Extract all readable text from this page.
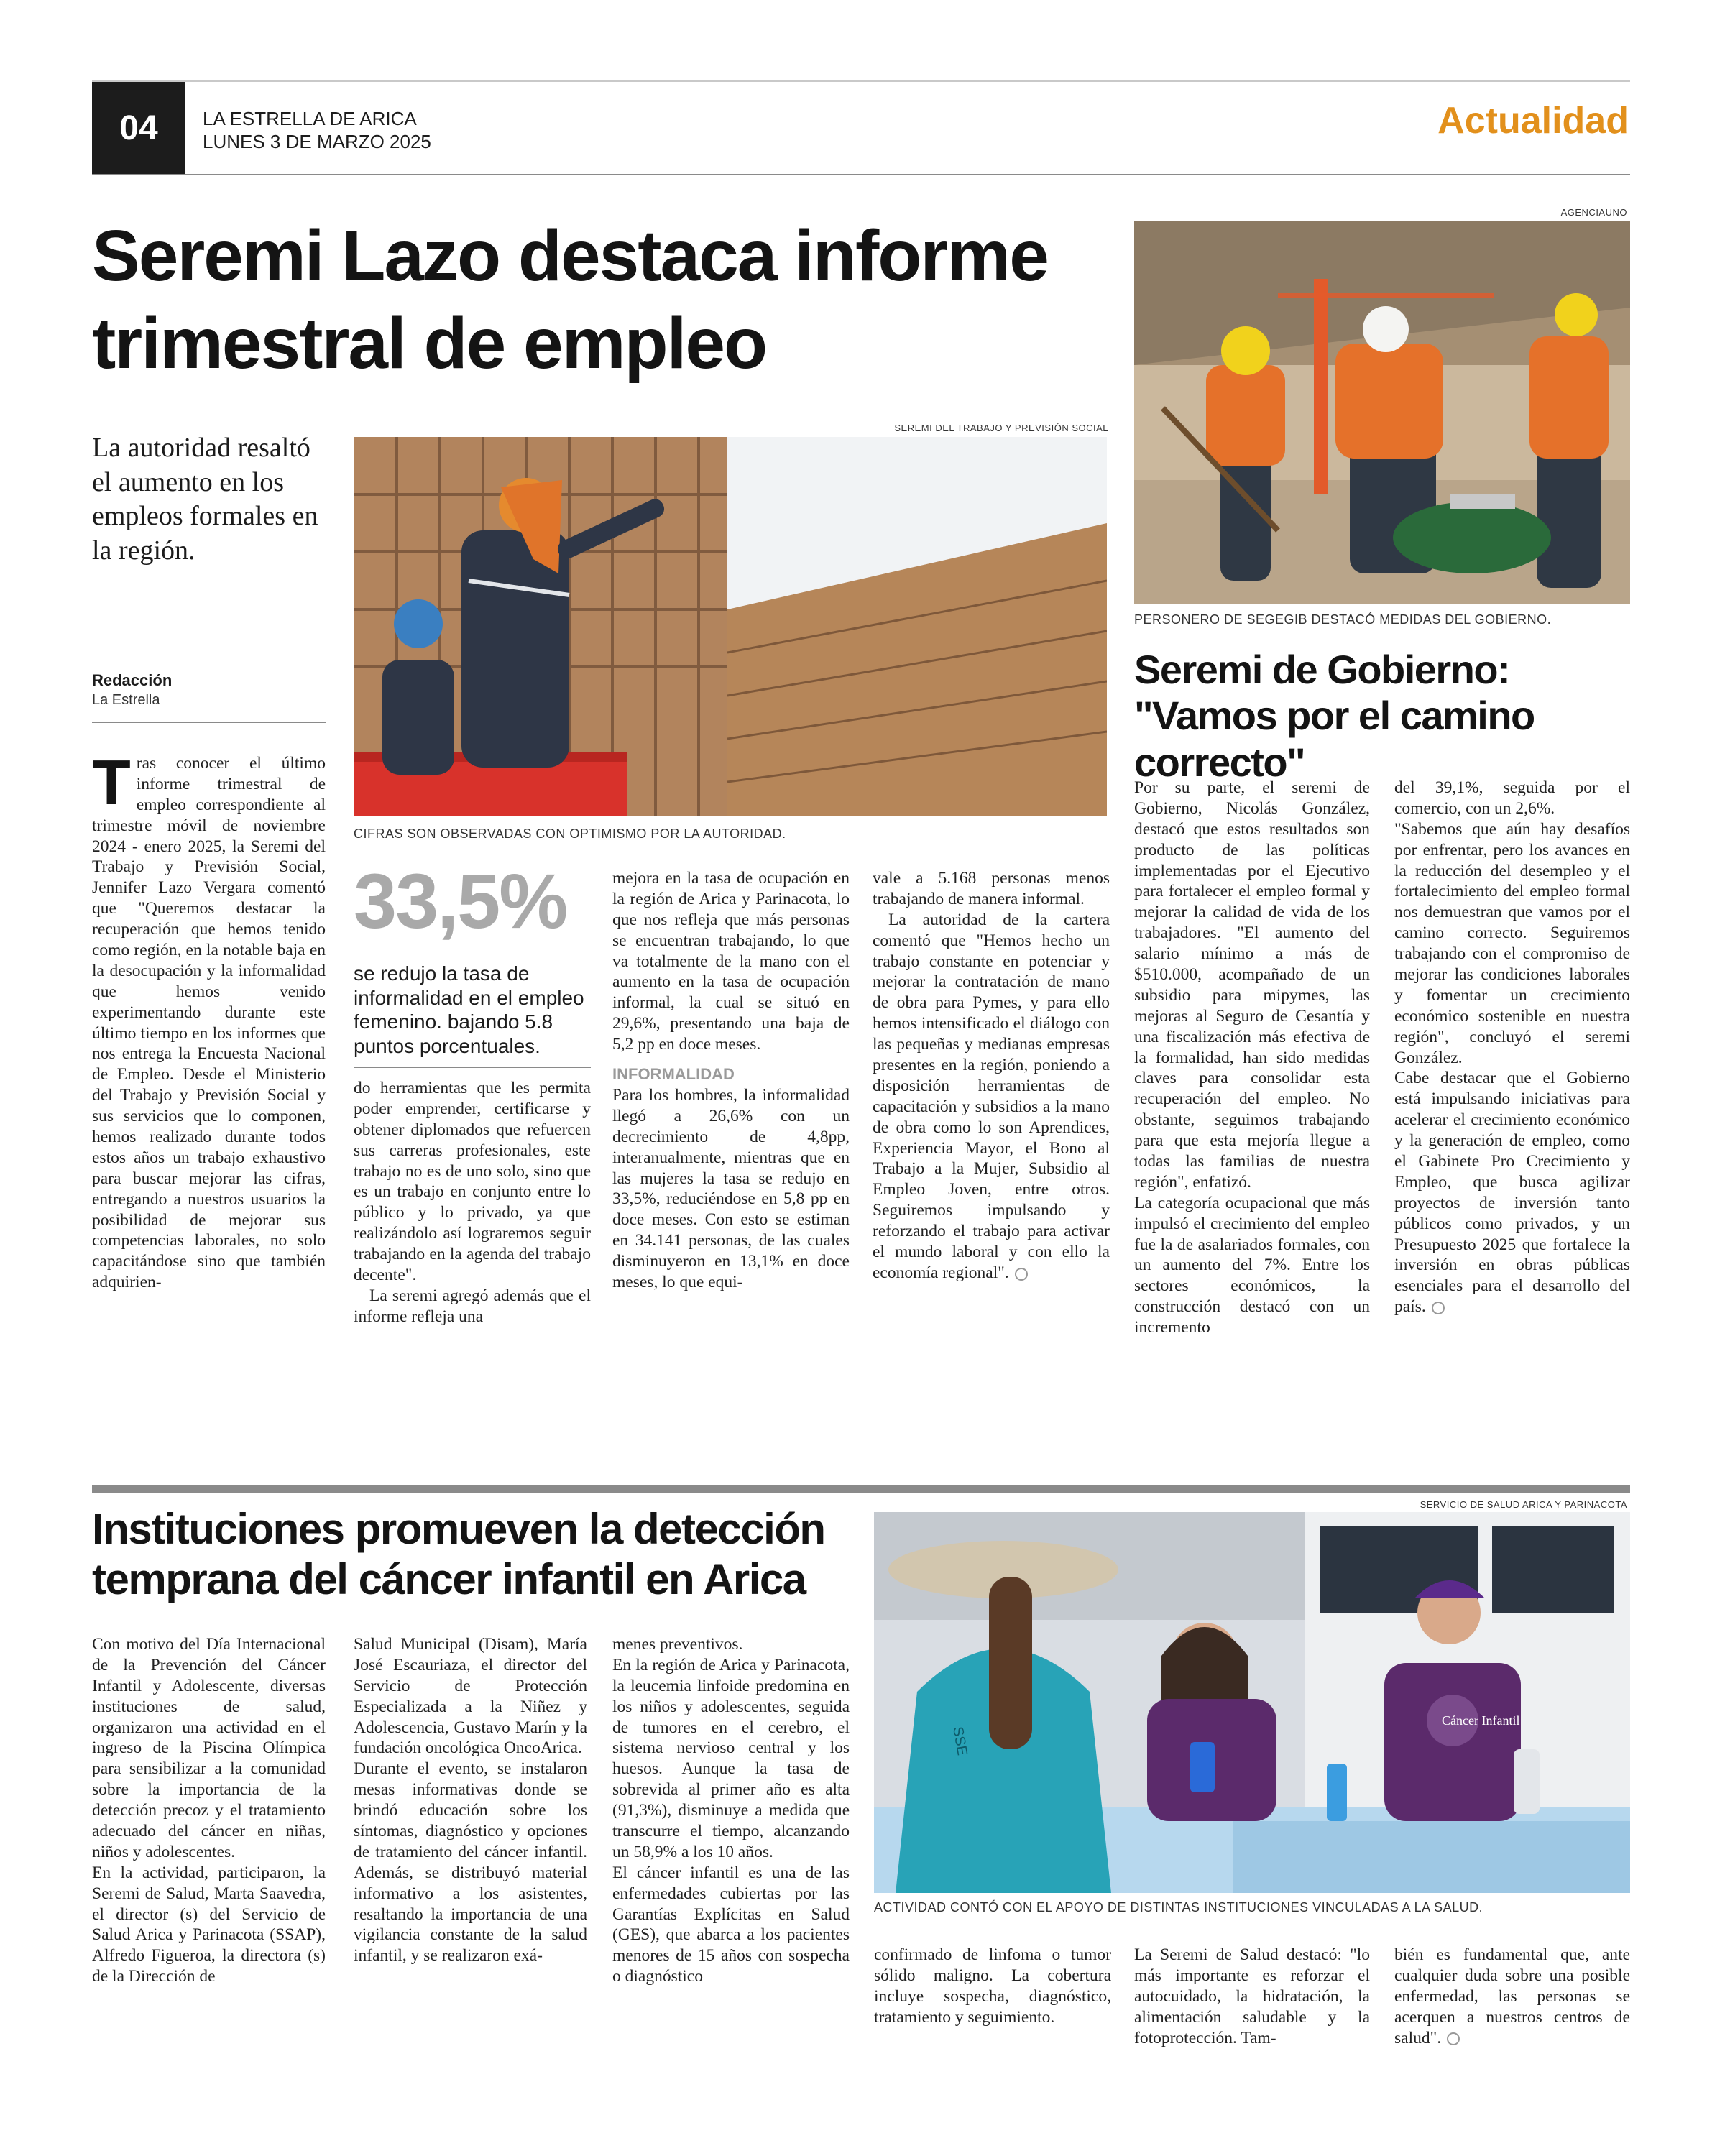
04	LA ESTRELLA DE ARICA
LUNES 3 DE MARZO 2025	Actualidad
Seremi Lazo destaca informe
trimestral de empleo
La autoridad resaltó el aumento en los empleos formales en la región.
Redacción
La Estrella
SEREMI DEL TRABAJO Y PREVISIÓN SOCIAL
CIFRAS SON OBSERVADAS CON OPTIMISMO POR LA AUTORIDAD.
T ras conocer el último informe trimestral de empleo correspondiente al trimestre móvil de noviembre 2024 - enero 2025, la Seremi del Trabajo y Previsión Social, Jennifer Lazo Vergara comentó que "Queremos destacar la recuperación que hemos tenido como región, en la notable baja en la desocupación y la informalidad que hemos venido experimentando durante este último tiempo en los informes que nos entrega la Encuesta Nacional de Empleo. Desde el Ministerio del Trabajo y Previsión Social y sus servicios que lo componen, hemos realizado durante todos estos años un trabajo exhaustivo para buscar mejorar las cifras, entregando a nuestros usuarios la posibilidad de mejorar sus competencias laborales, no solo capacitándose sino que también adquirien-
33,5%
se redujo la tasa de informalidad en el empleo femenino. bajando 5.8 puntos porcentuales.

do herramientas que les permita poder emprender, certificarse y obtener diplomados que refuercen sus carreras profesionales, este trabajo no es de uno solo, sino que es un trabajo en conjunto entre lo público y lo privado, ya que realizándolo así lograremos seguir trabajando en la agenda del trabajo decente".

La seremi agregó además que el informe refleja una

mejora en la tasa de ocupación en la región de Arica y Parinacota, lo que nos refleja que más personas se encuentran trabajando, lo que va totalmente de la mano con el aumento en la tasa de ocupación informal, la cual se situó en 29,6%, presentando una baja de 5,2 pp en doce meses.

INFORMALIDAD

Para los hombres, la informalidad llegó a 26,6% con un decrecimiento de 4,8pp, interanualmente, mientras que en las mujeres la tasa se redujo en 33,5%, reduciéndose en 5,8 pp en doce meses. Con esto se estiman en 34.141 personas, de las cuales disminuyeron en 13,1% en doce meses, lo que equi-

vale a 5.168 personas menos trabajando de manera informal.

La autoridad de la cartera comentó que "Hemos hecho un trabajo constante en potenciar y mejorar la contratación de mano de obra para Pymes, y para ello hemos intensificado el diálogo con las pequeñas y medianas empresas presentes en la región, poniendo a disposición herramientas de capacitación y subsidios a la mano de obra como lo son Aprendices, Experiencia Mayor, el Bono al Trabajo a la Mujer, Subsidio al Empleo Joven, entre otros. Seguiremos impulsando y reforzando el trabajo para activar el mundo laboral y con ello la economía regional".

AGENCIAUNO
PERSONERO DE SEGEGIB DESTACÓ MEDIDAS DEL GOBIERNO.
Seremi de Gobierno: "Vamos por el camino correcto"

Por su parte, el seremi de Gobierno, Nicolás González, destacó que estos resultados son producto de las políticas implementadas por el Ejecutivo para fortalecer el empleo formal y mejorar la calidad de vida de los trabajadores. "El aumento del salario mínimo a más de $510.000, acompañado de un subsidio para mipymes, las mejoras al Seguro de Cesantía y una fiscalización más efectiva de la formalidad, han sido medidas claves para consolidar esta recuperación del empleo. No obstante, seguimos trabajando para que esta mejoría llegue a todas las familias de nuestra región", enfatizó.

La categoría ocupacional que más impulsó el crecimiento del empleo fue la de asalariados formales, con un aumento del 7%. Entre los sectores económicos, la construcción destacó con un incremento

del 39,1%, seguida por el comercio, con un 2,6%.

"Sabemos que aún hay desafíos por enfrentar, pero los avances en la reducción del desempleo y el fortalecimiento del empleo formal nos demuestran que vamos por el camino correcto. Seguiremos trabajando con el compromiso de mejorar las condiciones laborales y fomentar un crecimiento económico sostenible en nuestra región", concluyó el seremi González.

Cabe destacar que el Gobierno está impulsando iniciativas para acelerar el crecimiento económico y la generación de empleo, como el Gabinete Pro Crecimiento y Empleo, que busca agilizar proyectos de inversión tanto públicos como privados, y un Presupuesto 2025 que fortalece la inversión en obras públicas esenciales para el desarrollo del país.

Instituciones promueven la detección
temprana del cáncer infantil en Arica
SERVICIO DE SALUD ARICA Y PARINACOTA
SSE
Cáncer Infantil
ACTIVIDAD CONTÓ CON EL APOYO DE DISTINTAS INSTITUCIONES VINCULADAS A LA SALUD.

Con motivo del Día Internacional de la Prevención del Cáncer Infantil y Adolescente, diversas instituciones de salud, organizaron una actividad en el ingreso de la Piscina Olímpica para sensibilizar a la comunidad sobre la importancia de la detección precoz y el tratamiento adecuado del cáncer en niñas, niños y adolescentes.

En la actividad, participaron, la Seremi de Salud, Marta Saavedra, el director (s) del Servicio de Salud Arica y Parinacota (SSAP), Alfredo Figueroa, la directora (s) de la Dirección de

Salud Municipal (Disam), María José Escauriaza, el director del Servicio de Protección Especializada a la Niñez y Adolescencia, Gustavo Marín y la fundación oncológica OncoArica.

Durante el evento, se instalaron mesas informativas donde se brindó educación sobre los síntomas, diagnóstico y opciones de tratamiento del cáncer infantil. Además, se distribuyó material informativo a los asistentes, resaltando la importancia de una vigilancia constante de la salud infantil, y se realizaron exá-

menes preventivos.

En la región de Arica y Parinacota, la leucemia linfoide predomina en los niños y adolescentes, seguida de tumores en el cerebro, el sistema nervioso central y los huesos. Aunque la tasa de sobrevida al primer año es alta (91,3%), disminuye a medida que transcurre el tiempo, alcanzando un 58,9% a los 10 años.

El cáncer infantil es una de las enfermedades cubiertas por las Garantías Explícitas en Salud (GES), que abarca a los pacientes menores de 15 años con sospecha o diagnóstico

confirmado de linfoma o tumor sólido maligno. La cobertura incluye sospecha, diagnóstico, tratamiento y seguimiento.

La Seremi de Salud destacó: "lo más importante es reforzar el autocuidado, la hidratación, la alimentación saludable y la fotoprotección. Tam-

bién es fundamental que, ante cualquier duda sobre una posible enfermedad, las personas se acerquen a nuestros centros de salud".
